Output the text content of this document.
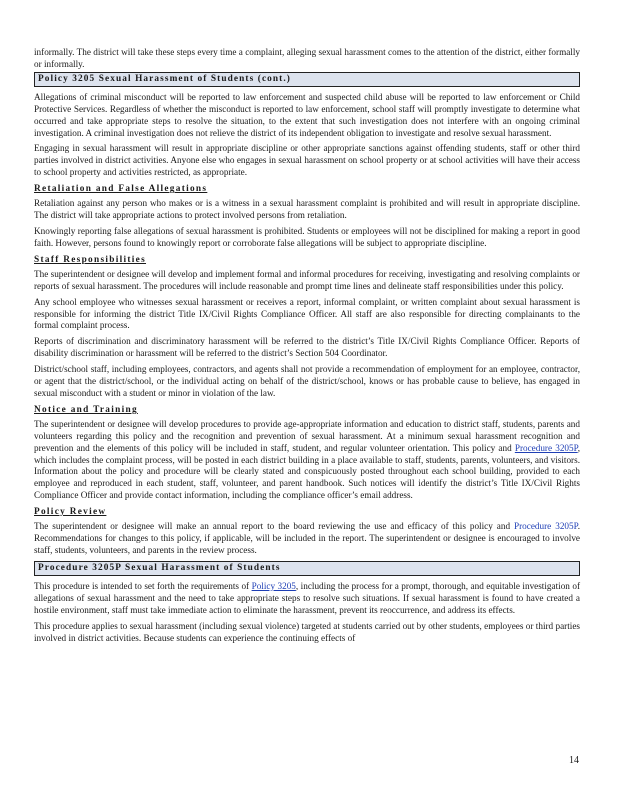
informally. The district will take these steps every time a complaint, alleging sexual harassment comes to the attention of the district, either formally or informally.

Policy 3205 Sexual Harassment of Students (cont.)

Allegations of criminal misconduct will be reported to law enforcement and suspected child abuse will be reported to law enforcement or Child Protective Services. Regardless of whether the misconduct is reported to law enforcement, school staff will promptly investigate to determine what occurred and take appropriate steps to resolve the situation, to the extent that such investigation does not interfere with an ongoing criminal investigation. A criminal investigation does not relieve the district of its independent obligation to investigate and resolve sexual harassment.

Engaging in sexual harassment will result in appropriate discipline or other appropriate sanctions against offending students, staff or other third parties involved in district activities. Anyone else who engages in sexual harassment on school property or at school activities will have their access to school property and activities restricted, as appropriate.

Retaliation and False Allegations

Retaliation against any person who makes or is a witness in a sexual harassment complaint is prohibited and will result in appropriate discipline. The district will take appropriate actions to protect involved persons from retaliation.

Knowingly reporting false allegations of sexual harassment is prohibited. Students or employees will not be disciplined for making a report in good faith. However, persons found to knowingly report or corroborate false allegations will be subject to appropriate discipline.

Staff Responsibilities

The superintendent or designee will develop and implement formal and informal procedures for receiving, investigating and resolving complaints or reports of sexual harassment. The procedures will include reasonable and prompt time lines and delineate staff responsibilities under this policy.

Any school employee who witnesses sexual harassment or receives a report, informal complaint, or written complaint about sexual harassment is responsible for informing the district Title IX/Civil Rights Compliance Officer. All staff are also responsible for directing complainants to the formal complaint process.

Reports of discrimination and discriminatory harassment will be referred to the district’s Title IX/Civil Rights Compliance Officer. Reports of disability discrimination or harassment will be referred to the district’s Section 504 Coordinator.

District/school staff, including employees, contractors, and agents shall not provide a recommendation of employment for an employee, contractor, or agent that the district/school, or the individual acting on behalf of the district/school, knows or has probable cause to believe, has engaged in sexual misconduct with a student or minor in violation of the law.

Notice and Training

The superintendent or designee will develop procedures to provide age-appropriate information and education to district staff, students, parents and volunteers regarding this policy and the recognition and prevention of sexual harassment. At a minimum sexual harassment recognition and prevention and the elements of this policy will be included in staff, student, and regular volunteer orientation. This policy and Procedure 3205P, which includes the complaint process, will be posted in each district building in a place available to staff, students, parents, volunteers, and visitors. Information about the policy and procedure will be clearly stated and conspicuously posted throughout each school building, provided to each employee and reproduced in each student, staff, volunteer, and parent handbook. Such notices will identify the district’s Title IX/Civil Rights Compliance Officer and provide contact information, including the compliance officer’s email address.

Policy Review

The superintendent or designee will make an annual report to the board reviewing the use and efficacy of this policy and Procedure 3205P. Recommendations for changes to this policy, if applicable, will be included in the report. The superintendent or designee is encouraged to involve staff, students, volunteers, and parents in the review process.

Procedure 3205P Sexual Harassment of Students

This procedure is intended to set forth the requirements of Policy 3205, including the process for a prompt, thorough, and equitable investigation of allegations of sexual harassment and the need to take appropriate steps to resolve such situations. If sexual harassment is found to have created a hostile environment, staff must take immediate action to eliminate the harassment, prevent its reoccurrence, and address its effects.

This procedure applies to sexual harassment (including sexual violence) targeted at students carried out by other students, employees or third parties involved in district activities. Because students can experience the continuing effects of

14
